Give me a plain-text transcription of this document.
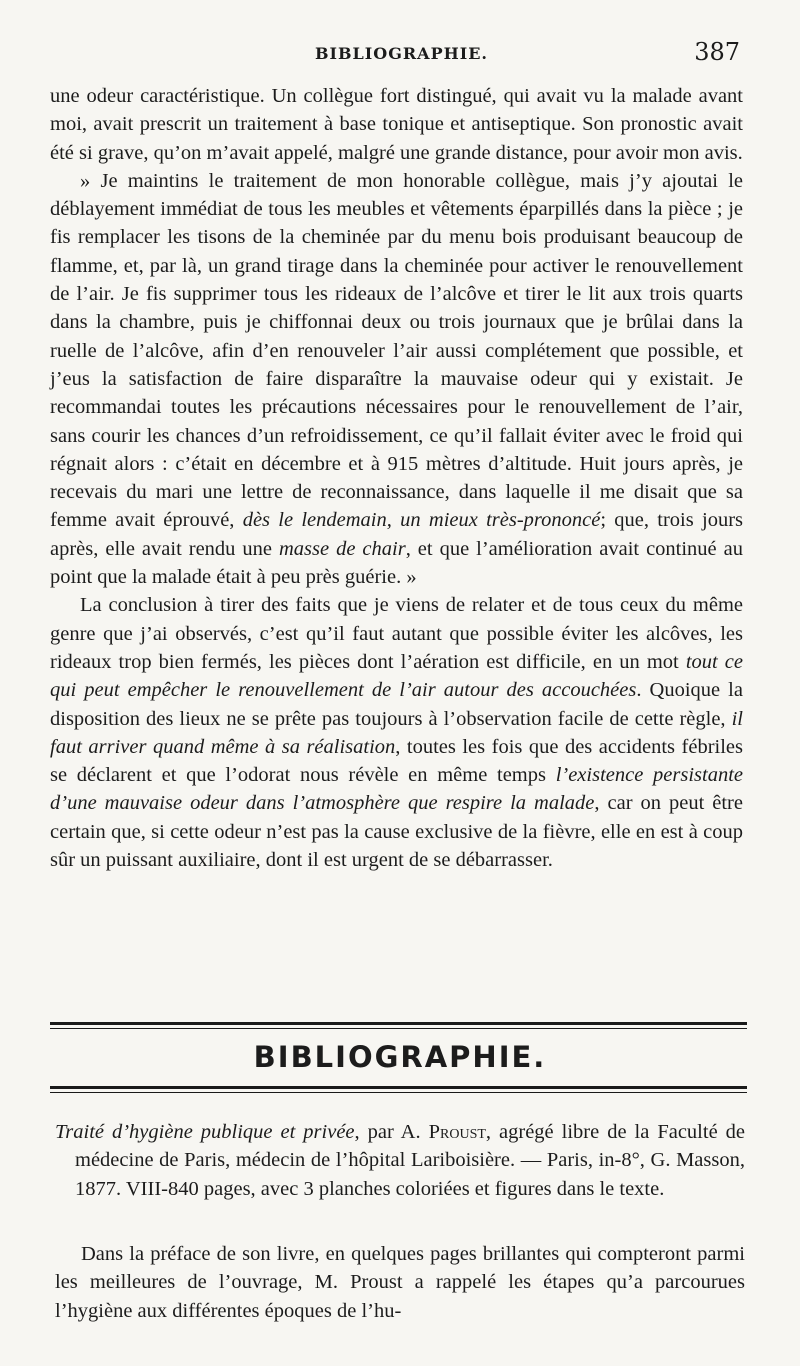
BIBLIOGRAPHIE.	387

une odeur caractéristique. Un collègue fort distingué, qui avait vu la malade avant moi, avait prescrit un traitement à base tonique et antiseptique. Son pronostic avait été si grave, qu’on m’avait appelé, malgré une grande distance, pour avoir mon avis.

» Je maintins le traitement de mon honorable collègue, mais j’y ajoutai le déblayement immédiat de tous les meubles et vêtements éparpillés dans la pièce ; je fis remplacer les tisons de la cheminée par du menu bois produisant beaucoup de flamme, et, par là, un grand tirage dans la cheminée pour activer le renouvellement de l’air. Je fis supprimer tous les rideaux de l’alcôve et tirer le lit aux trois quarts dans la chambre, puis je chiffonnai deux ou trois journaux que je brûlai dans la ruelle de l’alcôve, afin d’en renouveler l’air aussi complétement que possible, et j’eus la satisfaction de faire disparaître la mauvaise odeur qui y existait. Je recommandai toutes les précautions nécessaires pour le renouvellement de l’air, sans courir les chances d’un refroidissement, ce qu’il fallait éviter avec le froid qui régnait alors : c’était en décembre et à 915 mètres d’altitude. Huit jours après, je recevais du mari une lettre de reconnaissance, dans laquelle il me disait que sa femme avait éprouvé, dès le lendemain, un mieux très-prononcé; que, trois jours après, elle avait rendu une masse de chair, et que l’amélioration avait continué au point que la malade était à peu près guérie. »

La conclusion à tirer des faits que je viens de relater et de tous ceux du même genre que j’ai observés, c’est qu’il faut autant que possible éviter les alcôves, les rideaux trop bien fermés, les pièces dont l’aération est difficile, en un mot tout ce qui peut empêcher le renouvellement de l’air autour des accouchées. Quoique la disposition des lieux ne se prête pas toujours à l’observation facile de cette règle, il faut arriver quand même à sa réalisation, toutes les fois que des accidents fébriles se déclarent et que l’odorat nous révèle en même temps l’existence persistante d’une mauvaise odeur dans l’atmosphère que respire la malade, car on peut être certain que, si cette odeur n’est pas la cause exclusive de la fièvre, elle en est à coup sûr un puissant auxiliaire, dont il est urgent de se débarrasser.

BIBLIOGRAPHIE.

Traité d’hygiène publique et privée, par A. Proust, agrégé libre de la Faculté de médecine de Paris, médecin de l’hôpital Lariboisière. — Paris, in-8°, G. Masson, 1877. VIII-840 pages, avec 3 planches coloriées et figures dans le texte.

Dans la préface de son livre, en quelques pages brillantes qui compteront parmi les meilleures de l’ouvrage, M. Proust a rappelé les étapes qu’a parcourues l’hygiène aux différentes époques de l’hu-
